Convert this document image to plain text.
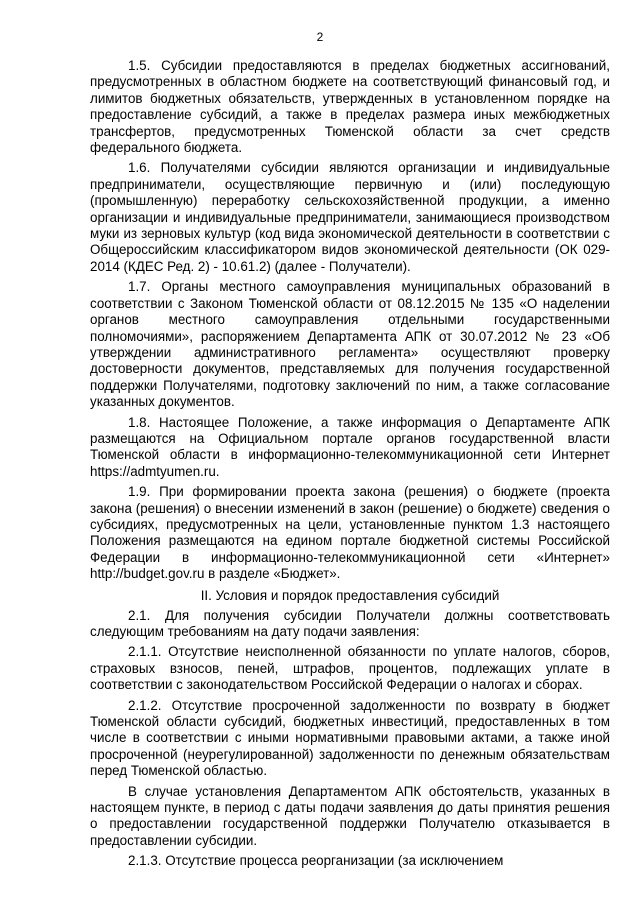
2

1.5. Субсидии предоставляются в пределах бюджетных ассигнований, предусмотренных в областном бюджете на соответствующий финансовый год, и лимитов бюджетных обязательств, утвержденных в установленном порядке на предоставление субсидий, а также в пределах размера иных межбюджетных трансфертов, предусмотренных Тюменской области за счет средств федерального бюджета.

1.6. Получателями субсидии являются организации и индивидуальные предприниматели, осуществляющие первичную и (или) последующую (промышленную) переработку сельскохозяйственной продукции, а именно организации и индивидуальные предприниматели, занимающиеся производством муки из зерновых культур (код вида экономической деятельности в соответствии с Общероссийским классификатором видов экономической деятельности (ОК 029-2014 (КДЕС Ред. 2) - 10.61.2) (далее - Получатели).

1.7. Органы местного самоуправления муниципальных образований в соответствии с Законом Тюменской области от 08.12.2015 № 135 «О наделении органов местного самоуправления отдельными государственными полномочиями», распоряжением Департамента АПК от 30.07.2012 № 23 «Об утверждении административного регламента» осуществляют проверку достоверности документов, представляемых для получения государственной поддержки Получателями, подготовку заключений по ним, а также согласование указанных документов.

1.8. Настоящее Положение, а также информация о Департаменте АПК размещаются на Официальном портале органов государственной власти Тюменской области в информационно-телекоммуникационной сети Интернет https://admtyumen.ru.

1.9. При формировании проекта закона (решения) о бюджете (проекта закона (решения) о внесении изменений в закон (решение) о бюджете) сведения о субсидиях, предусмотренных на цели, установленные пунктом 1.3 настоящего Положения размещаются на едином портале бюджетной системы Российской Федерации в информационно-телекоммуникационной сети «Интернет» http://budget.gov.ru в разделе «Бюджет».

II. Условия и порядок предоставления субсидий

2.1. Для получения субсидии Получатели должны соответствовать следующим требованиям на дату подачи заявления:

2.1.1. Отсутствие неисполненной обязанности по уплате налогов, сборов, страховых взносов, пеней, штрафов, процентов, подлежащих уплате в соответствии с законодательством Российской Федерации о налогах и сборах.

2.1.2. Отсутствие просроченной задолженности по возврату в бюджет Тюменской области субсидий, бюджетных инвестиций, предоставленных в том числе в соответствии с иными нормативными правовыми актами, а также иной просроченной (неурегулированной) задолженности по денежным обязательствам перед Тюменской областью.

В случае установления Департаментом АПК обстоятельств, указанных в настоящем пункте, в период с даты подачи заявления до даты принятия решения о предоставлении государственной поддержки Получателю отказывается в предоставлении субсидии.

2.1.3. Отсутствие процесса реорганизации (за исключением
